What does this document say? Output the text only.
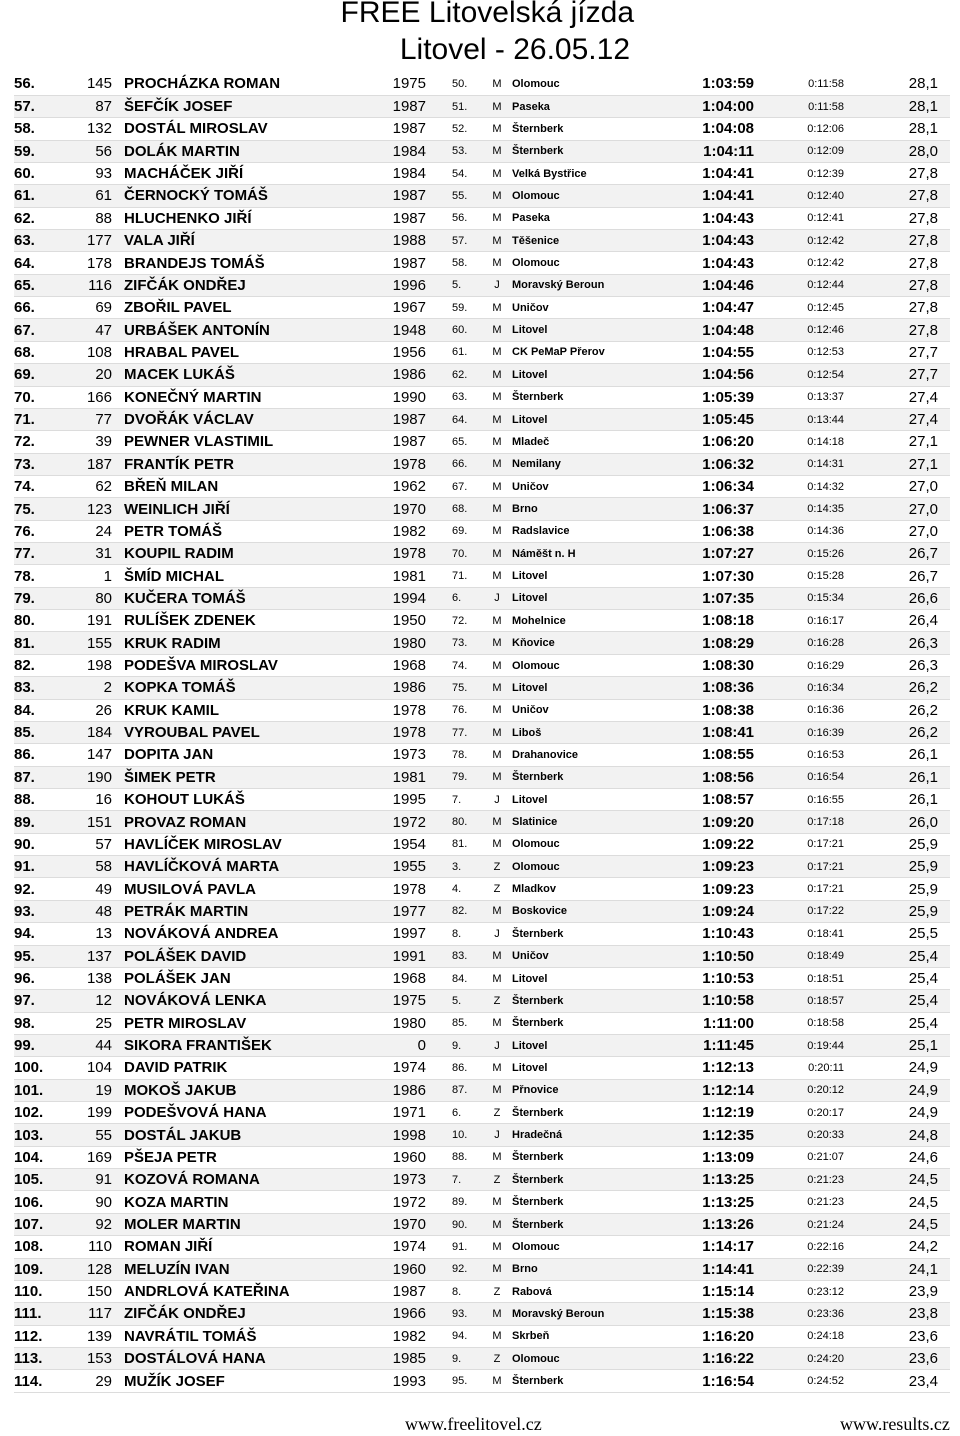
FREE Litovelská jízda
Litovel - 26.05.12
56.	145	PROCHÁZKA ROMAN	1975	50.	M	Olomouc	1:03:59	0:11:58	28,1
57.	87	ŠEFČÍK JOSEF	1987	51.	M	Paseka	1:04:00	0:11:58	28,1
58.	132	DOSTÁL MIROSLAV	1987	52.	M	Šternberk	1:04:08	0:12:06	28,1
59.	56	DOLÁK MARTIN	1984	53.	M	Šternberk	1:04:11	0:12:09	28,0
60.	93	MACHÁČEK JIŘÍ	1984	54.	M	Velká Bystřice	1:04:41	0:12:39	27,8
61.	61	ČERNOCKÝ TOMÁŠ	1987	55.	M	Olomouc	1:04:41	0:12:40	27,8
62.	88	HLUCHENKO JIŘÍ	1987	56.	M	Paseka	1:04:43	0:12:41	27,8
63.	177	VALA JIŘÍ	1988	57.	M	Těšenice	1:04:43	0:12:42	27,8
64.	178	BRANDEJS TOMÁŠ	1987	58.	M	Olomouc	1:04:43	0:12:42	27,8
65.	116	ZIFČÁK ONDŘEJ	1996	5.	J	Moravský Beroun	1:04:46	0:12:44	27,8
66.	69	ZBOŘIL PAVEL	1967	59.	M	Uničov	1:04:47	0:12:45	27,8
67.	47	URBÁŠEK ANTONÍN	1948	60.	M	Litovel	1:04:48	0:12:46	27,8
68.	108	HRABAL PAVEL	1956	61.	M	CK PeMaP Přerov	1:04:55	0:12:53	27,7
69.	20	MACEK LUKÁŠ	1986	62.	M	Litovel	1:04:56	0:12:54	27,7
70.	166	KONEČNÝ MARTIN	1990	63.	M	Šternberk	1:05:39	0:13:37	27,4
71.	77	DVOŘÁK VÁCLAV	1987	64.	M	Litovel	1:05:45	0:13:44	27,4
72.	39	PEWNER VLASTIMIL	1987	65.	M	Mladeč	1:06:20	0:14:18	27,1
73.	187	FRANTÍK PETR	1978	66.	M	Nemilany	1:06:32	0:14:31	27,1
74.	62	BŘEŇ MILAN	1962	67.	M	Uničov	1:06:34	0:14:32	27,0
75.	123	WEINLICH JIŘÍ	1970	68.	M	Brno	1:06:37	0:14:35	27,0
76.	24	PETR TOMÁŠ	1982	69.	M	Radslavice	1:06:38	0:14:36	27,0
77.	31	KOUPIL RADIM	1978	70.	M	Náměšt n. H	1:07:27	0:15:26	26,7
78.	1	ŠMÍD MICHAL	1981	71.	M	Litovel	1:07:30	0:15:28	26,7
79.	80	KUČERA TOMÁŠ	1994	6.	J	Litovel	1:07:35	0:15:34	26,6
80.	191	RULÍŠEK ZDENEK	1950	72.	M	Mohelnice	1:08:18	0:16:17	26,4
81.	155	KRUK RADIM	1980	73.	M	Kňovice	1:08:29	0:16:28	26,3
82.	198	PODEŠVA MIROSLAV	1968	74.	M	Olomouc	1:08:30	0:16:29	26,3
83.	2	KOPKA TOMÁŠ	1986	75.	M	Litovel	1:08:36	0:16:34	26,2
84.	26	KRUK KAMIL	1978	76.	M	Uničov	1:08:38	0:16:36	26,2
85.	184	VYROUBAL PAVEL	1978	77.	M	Liboš	1:08:41	0:16:39	26,2
86.	147	DOPITA JAN	1973	78.	M	Drahanovice	1:08:55	0:16:53	26,1
87.	190	ŠIMEK PETR	1981	79.	M	Šternberk	1:08:56	0:16:54	26,1
88.	16	KOHOUT LUKÁŠ	1995	7.	J	Litovel	1:08:57	0:16:55	26,1
89.	151	PROVAZ ROMAN	1972	80.	M	Slatinice	1:09:20	0:17:18	26,0
90.	57	HAVLÍČEK MIROSLAV	1954	81.	M	Olomouc	1:09:22	0:17:21	25,9
91.	58	HAVLÍČKOVÁ MARTA	1955	3.	Z	Olomouc	1:09:23	0:17:21	25,9
92.	49	MUSILOVÁ PAVLA	1978	4.	Z	Mladkov	1:09:23	0:17:21	25,9
93.	48	PETRÁK MARTIN	1977	82.	M	Boskovice	1:09:24	0:17:22	25,9
94.	13	NOVÁKOVÁ ANDREA	1997	8.	J	Šternberk	1:10:43	0:18:41	25,5
95.	137	POLÁŠEK DAVID	1991	83.	M	Uničov	1:10:50	0:18:49	25,4
96.	138	POLÁŠEK JAN	1968	84.	M	Litovel	1:10:53	0:18:51	25,4
97.	12	NOVÁKOVÁ LENKA	1975	5.	Z	Šternberk	1:10:58	0:18:57	25,4
98.	25	PETR MIROSLAV	1980	85.	M	Šternberk	1:11:00	0:18:58	25,4
99.	44	SIKORA FRANTIŠEK	0	9.	J	Litovel	1:11:45	0:19:44	25,1
100.	104	DAVID PATRIK	1974	86.	M	Litovel	1:12:13	0:20:11	24,9
101.	19	MOKOŠ JAKUB	1986	87.	M	Přnovice	1:12:14	0:20:12	24,9
102.	199	PODEŠVOVÁ HANA	1971	6.	Z	Šternberk	1:12:19	0:20:17	24,9
103.	55	DOSTÁL JAKUB	1998	10.	J	Hradečná	1:12:35	0:20:33	24,8
104.	169	PŠEJA PETR	1960	88.	M	Šternberk	1:13:09	0:21:07	24,6
105.	91	KOZOVÁ ROMANA	1973	7.	Z	Šternberk	1:13:25	0:21:23	24,5
106.	90	KOZA MARTIN	1972	89.	M	Šternberk	1:13:25	0:21:23	24,5
107.	92	MOLER MARTIN	1970	90.	M	Šternberk	1:13:26	0:21:24	24,5
108.	110	ROMAN JIŘÍ	1974	91.	M	Olomouc	1:14:17	0:22:16	24,2
109.	128	MELUZÍN IVAN	1960	92.	M	Brno	1:14:41	0:22:39	24,1
110.	150	ANDRLOVÁ KATEŘINA	1987	8.	Z	Rabová	1:15:14	0:23:12	23,9
111.	117	ZIFČÁK ONDŘEJ	1966	93.	M	Moravský Beroun	1:15:38	0:23:36	23,8
112.	139	NAVRÁTIL TOMÁŠ	1982	94.	M	Skrbeň	1:16:20	0:24:18	23,6
113.	153	DOSTÁLOVÁ HANA	1985	9.	Z	Olomouc	1:16:22	0:24:20	23,6
114.	29	MUŽÍK JOSEF	1993	95.	M	Šternberk	1:16:54	0:24:52	23,4
www.freelitovel.cz	www.results.cz
